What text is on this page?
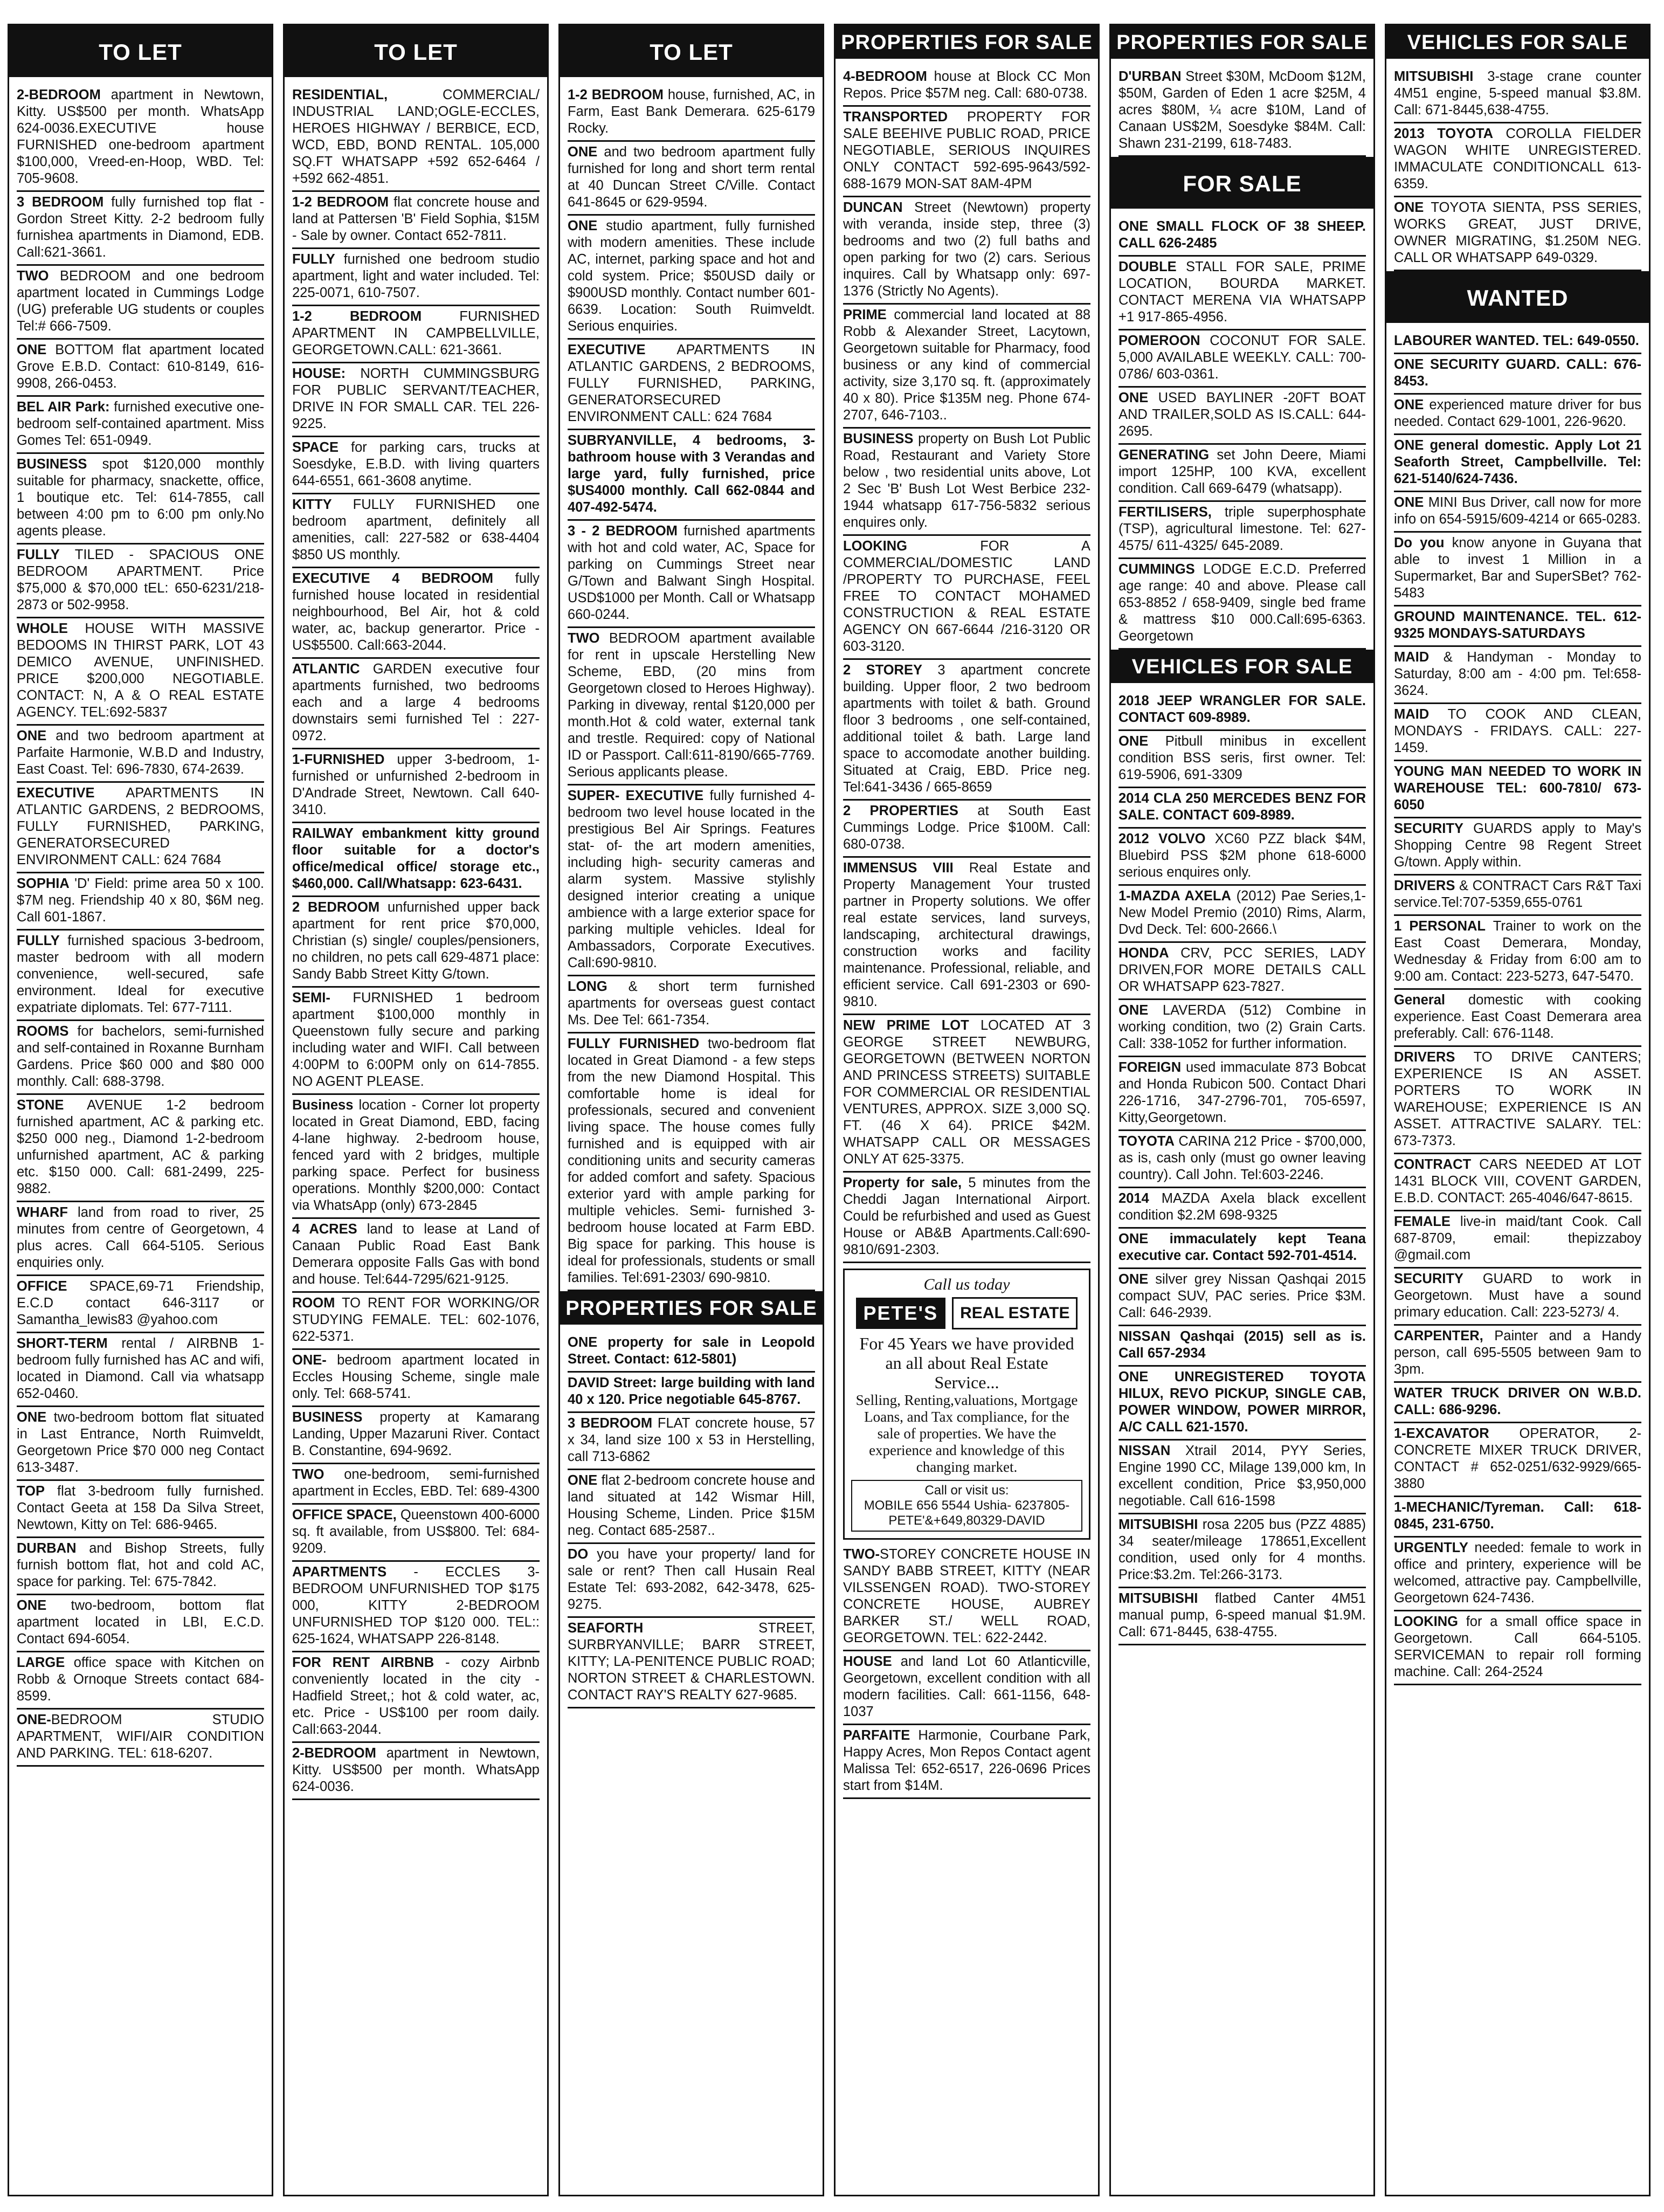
TO LET

2-BEDROOM apartment in Newtown, Kitty. US$500 per month. WhatsApp 624-0036.EXECUTIVE house FURNISHED one-bedroom apartment $100,000, Vreed-en-Hoop, WBD. Tel: 705-9608.

3 BEDROOM fully furnished top flat - Gordon Street Kitty. 2-2 bedroom fully furnishea apartments in Diamond, EDB. Call:621-3661.

TWO BEDROOM and one bedroom apartment located in Cummings Lodge (UG) preferable UG students or couples Tel:# 666-7509.

ONE BOTTOM flat apartment located Grove E.B.D. Contact: 610-8149, 616-9908, 266-0453.

BEL AIR Park: furnished executive one-bedroom self-contained apartment. Miss Gomes Tel: 651-0949.

BUSINESS spot $120,000 monthly suitable for pharmacy, snackette, office, 1 boutique etc. Tel: 614-7855, call between 4:00 pm to 6:00 pm only.No agents please.

FULLY TILED - SPACIOUS ONE BEDROOM APARTMENT. Price $75,000 & $70,000 tEL: 650-6231/218-2873 or 502-9958.

WHOLE HOUSE WITH MASSIVE BEDOOMS IN THIRST PARK, LOT 43 DEMICO AVENUE, UNFINISHED. PRICE $200,000 NEGOTIABLE. CONTACT: N, A & O REAL ESTATE AGENCY. TEL:692-5837

ONE and two bedroom apartment at Parfaite Harmonie, W.B.D and Industry, East Coast. Tel: 696-7830, 674-2639.

EXECUTIVE APARTMENTS IN ATLANTIC GARDENS, 2 BEDROOMS, FULLY FURNISHED, PARKING, GENERATORSECURED ENVIRONMENT CALL: 624 7684

SOPHIA 'D' Field: prime area 50 x 100. $7M neg. Friendship 40 x 80, $6M neg. Call 601-1867.

FULLY furnished spacious 3-bedroom, master bedroom with all modern convenience, well-secured, safe environment. Ideal for executive expatriate diplomats. Tel: 677-7111.

ROOMS for bachelors, semi-furnished and self-contained in Roxanne Burnham Gardens. Price $60 000 and $80 000 monthly. Call: 688-3798.

STONE AVENUE 1-2 bedroom furnished apartment, AC & parking etc. $250 000 neg., Diamond 1-2-bedroom unfurnished apartment, AC & parking etc. $150 000. Call: 681-2499, 225-9882.

WHARF land from road to river, 25 minutes from centre of Georgetown, 4 plus acres. Call 664-5105. Serious enquiries only.

OFFICE SPACE,69-71 Friendship, E.C.D contact 646-3117 or Samantha_lewis83 @yahoo.com

SHORT-TERM rental / AIRBNB 1-bedroom fully furnished has AC and wifi, located in Diamond. Call via whatsapp 652-0460.

ONE two-bedroom bottom flat situated in Last Entrance, North Ruimveldt, Georgetown Price $70 000 neg Contact 613-3487.

TOP flat 3-bedroom fully furnished. Contact Geeta at 158 Da Silva Street, Newtown, Kitty on Tel: 686-9465.

DURBAN and Bishop Streets, fully furnish bottom flat, hot and cold AC, space for parking. Tel: 675-7842.

ONE two-bedroom, bottom flat apartment located in LBI, E.C.D. Contact 694-6054.

LARGE office space with Kitchen on Robb & Ornoque Streets contact 684-8599.

ONE-BEDROOM STUDIO APARTMENT, WIFI/AIR CONDITION AND PARKING. TEL: 618-6207.

TO LET

RESIDENTIAL, COMMERCIAL/ INDUSTRIAL LAND;OGLE-ECCLES, HEROES HIGHWAY / BERBICE, ECD, WCD, EBD, BOND RENTAL. 105,000 SQ.FT WHATSAPP +592 652-6464 / +592 662-4851.

1-2 BEDROOM flat concrete house and land at Pattersen 'B' Field Sophia, $15M - Sale by owner. Contact 652-7811.

FULLY furnished one bedroom studio apartment, light and water included. Tel: 225-0071, 610-7507.

1-2 BEDROOM FURNISHED APARTMENT IN CAMPBELLVILLE, GEORGETOWN.CALL: 621-3661.

HOUSE: NORTH CUMMINGSBURG FOR PUBLIC SERVANT/TEACHER, DRIVE IN FOR SMALL CAR. TEL 226-9225.

SPACE for parking cars, trucks at Soesdyke, E.B.D. with living quarters 644-6551, 661-3608 anytime.

KITTY FULLY FURNISHED one bedroom apartment, definitely all amenities, call: 227-582 or 638-4404 $850 US monthly.

EXECUTIVE 4 BEDROOM fully furnished house located in residential neighbourhood, Bel Air, hot & cold water, ac, backup generartor. Price - US$5500. Call:663-2044.

ATLANTIC GARDEN executive four apartments furnished, two bedrooms each and a large 4 bedrooms downstairs semi furnished Tel : 227-0972.

1-FURNISHED upper 3-bedroom, 1-furnished or unfurnished 2-bedroom in D'Andrade Street, Newtown. Call 640-3410.

RAILWAY embankment kitty ground floor suitable for a doctor's office/medical office/ storage etc., $460,000. Call/Whatsapp: 623-6431.

2 BEDROOM unfurnished upper back apartment for rent price $70,000, Christian (s) single/ couples/pensioners, no children, no pets call 629-4871 place: Sandy Babb Street Kitty G/town.

SEMI- FURNISHED 1 bedroom apartment $100,000 monthly in Queenstown fully secure and parking including water and WIFI. Call between 4:00PM to 6:00PM only on 614-7855. NO AGENT PLEASE.

Business location - Corner lot property located in Great Diamond, EBD, facing 4-lane highway. 2-bedroom house, fenced yard with 2 bridges, multiple parking space. Perfect for business operations. Monthly $200,000: Contact via WhatsApp (only) 673-2845

4 ACRES land to lease at Land of Canaan Public Road East Bank Demerara opposite Falls Gas with bond and house. Tel:644-7295/621-9125.

ROOM TO RENT FOR WORKING/OR STUDYING FEMALE. TEL: 602-1076, 622-5371.

ONE- bedroom apartment located in Eccles Housing Scheme, single male only. Tel: 668-5741.

BUSINESS property at Kamarang Landing, Upper Mazaruni River. Contact B. Constantine, 694-9692.

TWO one-bedroom, semi-furnished apartment in Eccles, EBD. Tel: 689-4300

OFFICE SPACE, Queenstown 400-6000 sq. ft available, from US$800. Tel: 684-9209.

APARTMENTS - ECCLES 3-BEDROOM UNFURNISHED TOP $175 000, KITTY 2-BEDROOM UNFURNISHED TOP $120 000. TEL:: 625-1624, WHATSAPP 226-8148.

FOR RENT AIRBNB - cozy Airbnb conveniently located in the city - Hadfield Street,; hot & cold water, ac, etc. Price - US$100 per room daily. Call:663-2044.

2-BEDROOM apartment in Newtown, Kitty. US$500 per month. WhatsApp 624-0036.

TO LET

1-2 BEDROOM house, furnished, AC, in Farm, East Bank Demerara. 625-6179 Rocky.

ONE and two bedroom apartment fully furnished for long and short term rental at 40 Duncan Street C/Ville. Contact 641-8645 or 629-9594.

ONE studio apartment, fully furnished with modern amenities. These include AC, internet, parking space and hot and cold system. Price; $50USD daily or $900USD monthly. Contact number 601-6639. Location: South Ruimveldt. Serious enquiries.

EXECUTIVE APARTMENTS IN ATLANTIC GARDENS, 2 BEDROOMS, FULLY FURNISHED, PARKING, GENERATORSECURED ENVIRONMENT CALL: 624 7684

SUBRYANVILLE, 4 bedrooms, 3-bathroom house with 3 Verandas and large yard, fully furnished, price $US4000 monthly. Call 662-0844 and 407-492-5474.

3 - 2 BEDROOM furnished apartments with hot and cold water, AC, Space for parking on Cummings Street near G/Town and Balwant Singh Hospital. USD$1000 per Month. Call or Whatsapp 660-0244.

TWO BEDROOM apartment available for rent in upscale Herstelling New Scheme, EBD, (20 mins from Georgetown closed to Heroes Highway). Parking in diveway, rental $120,000 per month.Hot & cold water, external tank and trestle. Required: copy of National ID or Passport. Call:611-8190/665-7769. Serious applicants please.

SUPER- EXECUTIVE fully furnished 4-bedroom two level house located in the prestigious Bel Air Springs. Features stat- of- the art modern amenities, including high- security cameras and alarm system. Massive stylishly designed interior creating a unique ambience with a large exterior space for parking multiple vehicles. Ideal for Ambassadors, Corporate Executives. Call:690-9810.

LONG & short term furnished apartments for overseas guest contact Ms. Dee Tel: 661-7354.

FULLY FURNISHED two-bedroom flat located in Great Diamond - a few steps from the new Diamond Hospital. This comfortable home is ideal for professionals, secured and convenient living space. The house comes fully furnished and is equipped with air conditioning units and security cameras for added comfort and safety. Spacious exterior yard with ample parking for multiple vehicles. Semi- furnished 3-bedroom house located at Farm EBD. Big space for parking. This house is ideal for professionals, students or small families. Tel:691-2303/ 690-9810.

PROPERTIES FOR SALE

ONE property for sale in Leopold Street. Contact: 612-5801)

DAVID Street: large building with land 40 x 120. Price negotiable 645-8767.

3 BEDROOM FLAT concrete house, 57 x 34, land size 100 x 53 in Herstelling, call 713-6862

ONE flat 2-bedroom concrete house and land situated at 142 Wismar Hill, Housing Scheme, Linden. Price $15M neg. Contact 685-2587..

DO you have your property/ land for sale or rent? Then call Husain Real Estate Tel: 693-2082, 642-3478, 625-9275.

SEAFORTH STREET, SURBRYANVILLE; BARR STREET, KITTY; LA-PENITENCE PUBLIC ROAD; NORTON STREET & CHARLESTOWN. CONTACT RAY'S REALTY 627-9685.

PROPERTIES FOR SALE

4-BEDROOM house at Block CC Mon Repos. Price $57M neg. Call: 680-0738.

TRANSPORTED PROPERTY FOR SALE BEEHIVE PUBLIC ROAD, PRICE NEGOTIABLE, SERIOUS INQUIRES ONLY CONTACT 592-695-9643/592-688-1679 MON-SAT 8AM-4PM

DUNCAN Street (Newtown) property with veranda, inside step, three (3) bedrooms and two (2) full baths and open parking for two (2) cars. Serious inquires. Call by Whatsapp only: 697-1376 (Strictly No Agents).

PRIME commercial land located at 88 Robb & Alexander Street, Lacytown, Georgetown suitable for Pharmacy, food business or any kind of commercial activity, size 3,170 sq. ft. (approximately 40 x 80). Price $135M neg. Phone 674-2707, 646-7103..

BUSINESS property on Bush Lot Public Road, Restaurant and Variety Store below , two residential units above, Lot 2 Sec 'B' Bush Lot West Berbice 232-1944 whatsapp 617-756-5832 serious enquires only.

LOOKING FOR A COMMERCIAL/DOMESTIC LAND /PROPERTY TO PURCHASE, FEEL FREE TO CONTACT MOHAMED CONSTRUCTION & REAL ESTATE AGENCY ON 667-6644 /216-3120 OR 603-3120.

2 STOREY 3 apartment concrete building. Upper floor, 2 two bedroom apartments with toilet & bath. Ground floor 3 bedrooms , one self-contained, additional toilet & bath. Large land space to accomodate another building. Situated at Craig, EBD. Price neg. Tel:641-3436 / 665-8659

2 PROPERTIES at South East Cummings Lodge. Price $100M. Call: 680-0738.

IMMENSUS VIII Real Estate and Property Management Your trusted partner in Property solutions. We offer real estate services, land surveys, landscaping, architectural drawings, construction works and facility maintenance. Professional, reliable, and efficient service. Call 691-2303 or 690-9810.

NEW PRIME LOT LOCATED AT 3 GEORGE STREET NEWBURG, GEORGETOWN (BETWEEN NORTON AND PRINCESS STREETS) SUITABLE FOR COMMERCIAL OR RESIDENTIAL VENTURES, APPROX. SIZE 3,000 SQ. FT. (46 X 64). PRICE $42M. WHATSAPP CALL OR MESSAGES ONLY AT 625-3375.

Property for sale, 5 minutes from the Cheddi Jagan International Airport. Could be refurbished and used as Guest House or AB&B Apartments.Call:690-9810/691-2303.

Call us today
PETE'S	REAL ESTATE
For 45 Years we have provided an all about Real Estate Service...
Selling, Renting,valuations, Mortgage Loans, and Tax compliance, for the sale of properties. We have the experience and knowledge of this changing market.
Call or visit us:
MOBILE 656 5544 Ushia- 6237805- PETE'&+649,80329-DAVID

TWO-STOREY CONCRETE HOUSE IN SANDY BABB STREET, KITTY (NEAR VILSSENGEN ROAD). TWO-STOREY CONCRETE HOUSE, AUBREY BARKER ST./ WELL ROAD, GEORGETOWN. TEL: 622-2442.

HOUSE and land Lot 60 Atlanticville, Georgetown, excellent condition with all modern facilities. Call: 661-1156, 648-1037

PARFAITE Harmonie, Courbane Park, Happy Acres, Mon Repos Contact agent Malissa Tel: 652-6517, 226-0696 Prices start from $14M.

PROPERTIES FOR SALE

D'URBAN Street $30M, McDoom $12M, $50M, Garden of Eden 1 acre $25M, 4 acres $80M, ¼ acre $10M, Land of Canaan US$2M, Soesdyke $84M. Call: Shawn 231-2199, 618-7483.

FOR SALE

ONE SMALL FLOCK OF 38 SHEEP. CALL 626-2485

DOUBLE STALL FOR SALE, PRIME LOCATION, BOURDA MARKET. CONTACT MERENA VIA WHATSAPP +1 917-865-4956.

POMEROON COCONUT FOR SALE. 5,000 AVAILABLE WEEKLY. CALL: 700-0786/ 603-0361.

ONE USED BAYLINER -20FT BOAT AND TRAILER,SOLD AS IS.CALL: 644-2695.

GENERATING set John Deere, Miami import 125HP, 100 KVA, excellent condition. Call 669-6479 (whatsapp).

FERTILISERS, triple superphosphate (TSP), agricultural limestone. Tel: 627-4575/ 611-4325/ 645-2089.

CUMMINGS LODGE E.C.D. Preferred age range: 40 and above. Please call 653-8852 / 658-9409, single bed frame & mattress $10 000.Call:695-6363. Georgetown

VEHICLES FOR SALE

2018 JEEP WRANGLER FOR SALE. CONTACT 609-8989.

ONE Pitbull minibus in excellent condition BSS seris, first owner. Tel: 619-5906, 691-3309

2014 CLA 250 MERCEDES BENZ FOR SALE. CONTACT 609-8989.

2012 VOLVO XC60 PZZ black $4M, Bluebird PSS $2M phone 618-6000 serious enquires only.

1-MAZDA AXELA (2012) Pae Series,1- New Model Premio (2010) Rims, Alarm, Dvd Deck. Tel: 600-2666.\

HONDA CRV, PCC SERIES, LADY DRIVEN,FOR MORE DETAILS CALL OR WHATSAPP 623-7827.

ONE LAVERDA (512) Combine in working condition, two (2) Grain Carts. Call: 338-1052 for further information.

FOREIGN used immaculate 873 Bobcat and Honda Rubicon 500. Contact Dhari 226-1716, 347-2796-701, 705-6597, Kitty,Georgetown.

TOYOTA CARINA 212 Price - $700,000, as is, cash only (must go owner leaving country). Call John. Tel:603-2246.

2014 MAZDA Axela black excellent condition $2.2M 698-9325

ONE immaculately kept Teana executive car. Contact 592-701-4514.

ONE silver grey Nissan Qashqai 2015 compact SUV, PAC series. Price $3M. Call: 646-2939.

NISSAN Qashqai (2015) sell as is. Call 657-2934

ONE UNREGISTERED TOYOTA HILUX, REVO PICKUP, SINGLE CAB, POWER WINDOW, POWER MIRROR, A/C CALL 621-1570.

NISSAN Xtrail 2014, PYY Series, Engine 1990 CC, Milage 139,000 km, In excellent condition, Price $3,950,000 negotiable. Call 616-1598

MITSUBISHI rosa 2205 bus (PZZ 4885) 34 seater/mileage 178651,Excellent condition, used only for 4 months. Price:$3.2m. Tel:266-3173.

MITSUBISHI flatbed Canter 4M51 manual pump, 6-speed manual $1.9M. Call: 671-8445, 638-4755.

VEHICLES FOR SALE

MITSUBISHI 3-stage crane counter 4M51 engine, 5-speed manual $3.8M. Call: 671-8445,638-4755.

2013 TOYOTA COROLLA FIELDER WAGON WHITE UNREGISTERED. IMMACULATE CONDITIONCALL 613-6359.

ONE TOYOTA SIENTA, PSS SERIES, WORKS GREAT, JUST DRIVE, OWNER MIGRATING, $1.250M NEG. CALL OR WHATSAPP 649-0329.

WANTED

LABOURER WANTED. TEL: 649-0550.

ONE SECURITY GUARD. CALL: 676-8453.

ONE experienced mature driver for bus needed. Contact 629-1001, 226-9620.

ONE general domestic. Apply Lot 21 Seaforth Street, Campbellville. Tel: 621-5140/624-7436.

ONE MINI Bus Driver, call now for more info on 654-5915/609-4214 or 665-0283.

Do you know anyone in Guyana that able to invest 1 Million in a Supermarket, Bar and SuperSBet? 762-5483

GROUND MAINTENANCE. TEL. 612-9325 MONDAYS-SATURDAYS

MAID & Handyman - Monday to Saturday, 8:00 am - 4:00 pm. Tel:658-3624.

MAID TO COOK AND CLEAN, MONDAYS - FRIDAYS. CALL: 227-1459.

YOUNG MAN NEEDED TO WORK IN WAREHOUSE TEL: 600-7810/ 673-6050

SECURITY GUARDS apply to May's Shopping Centre 98 Regent Street G/town. Apply within.

DRIVERS & CONTRACT Cars R&T Taxi service.Tel:707-5359,655-0761

1 PERSONAL Trainer to work on the East Coast Demerara, Monday, Wednesday & Friday from 6:00 am to 9:00 am. Contact: 223-5273, 647-5470.

General domestic with cooking experience. East Coast Demerara area preferably. Call: 676-1148.

DRIVERS TO DRIVE CANTERS; EXPERIENCE IS AN ASSET. PORTERS TO WORK IN WAREHOUSE; EXPERIENCE IS AN ASSET. ATTRACTIVE SALARY. TEL: 673-7373.

CONTRACT CARS NEEDED AT LOT 1431 BLOCK VIII, COVENT GARDEN, E.B.D. CONTACT: 265-4046/647-8615.

FEMALE live-in maid/tant Cook. Call 687-8709, email: thepizzaboy @gmail.com

SECURITY GUARD to work in Georgetown. Must have a sound primary education. Call: 223-5273/ 4.

CARPENTER, Painter and a Handy person, call 695-5505 between 9am to 3pm.

WATER TRUCK DRIVER ON W.B.D. CALL: 686-9296.

1-EXCAVATOR OPERATOR, 2- CONCRETE MIXER TRUCK DRIVER, CONTACT # 652-0251/632-9929/665-3880

1-MECHANIC/Tyreman. Call: 618-0845, 231-6750.

URGENTLY needed: female to work in office and printery, experience will be welcomed, attractive pay. Campbellville, Georgetown 624-7436.

LOOKING for a small office space in Georgetown. Call 664-5105. SERVICEMAN to repair roll forming machine. Call: 264-2524
